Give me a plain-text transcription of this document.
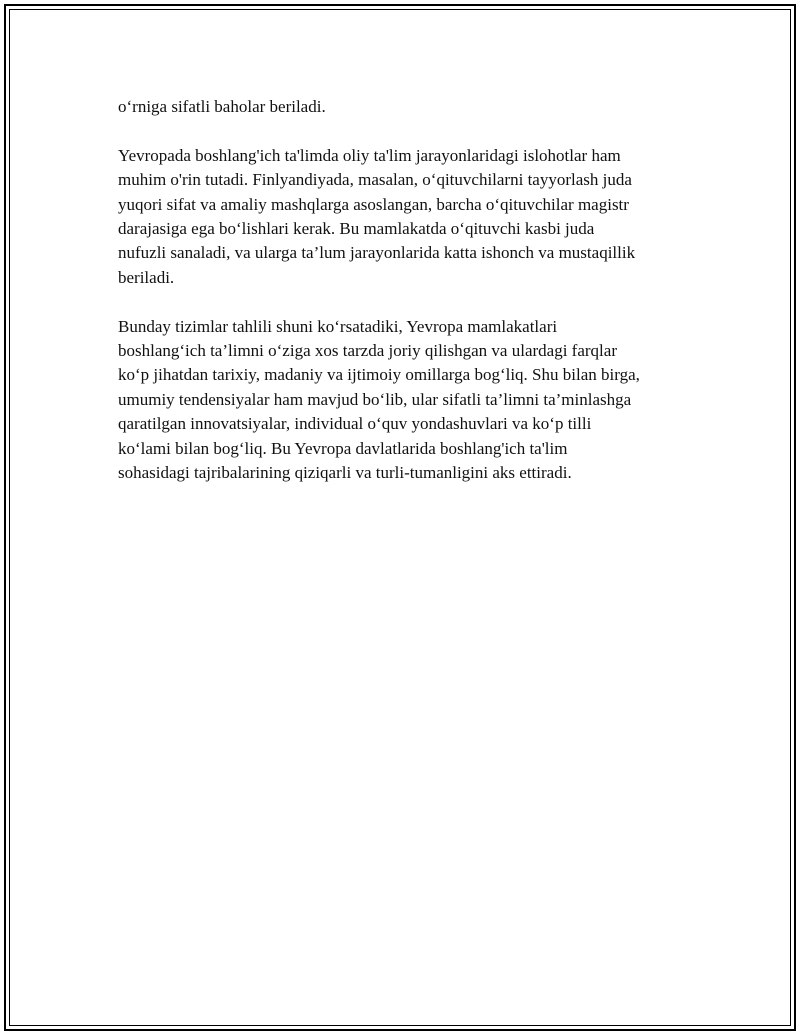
o‘rniga sifatli baholar beriladi.

Yevropada boshlang'ich ta'limda oliy ta'lim jarayonlaridagi islohotlar ham
muhim o'rin tutadi. Finlyandiyada, masalan, o‘qituvchilarni tayyorlash juda
yuqori sifat va amaliy mashqlarga asoslangan, barcha o‘qituvchilar magistr
darajasiga ega bo‘lishlari kerak. Bu mamlakatda o‘qituvchi kasbi juda
nufuzli sanaladi, va ularga ta’lum jarayonlarida katta ishonch va mustaqillik
beriladi.

Bunday tizimlar tahlili shuni ko‘rsatadiki, Yevropa mamlakatlari
boshlang‘ich ta’limni o‘ziga xos tarzda joriy qilishgan va ulardagi farqlar
ko‘p jihatdan tarixiy, madaniy va ijtimoiy omillarga bog‘liq. Shu bilan birga,
umumiy tendensiyalar ham mavjud bo‘lib, ular sifatli ta’limni ta’minlashga
qaratilgan innovatsiyalar, individual o‘quv yondashuvlari va ko‘p tilli
ko‘lami bilan bog‘liq. Bu Yevropa davlatlarida boshlang'ich ta'lim
sohasidagi tajribalarining qiziqarli va turli-tumanligini aks ettiradi.
